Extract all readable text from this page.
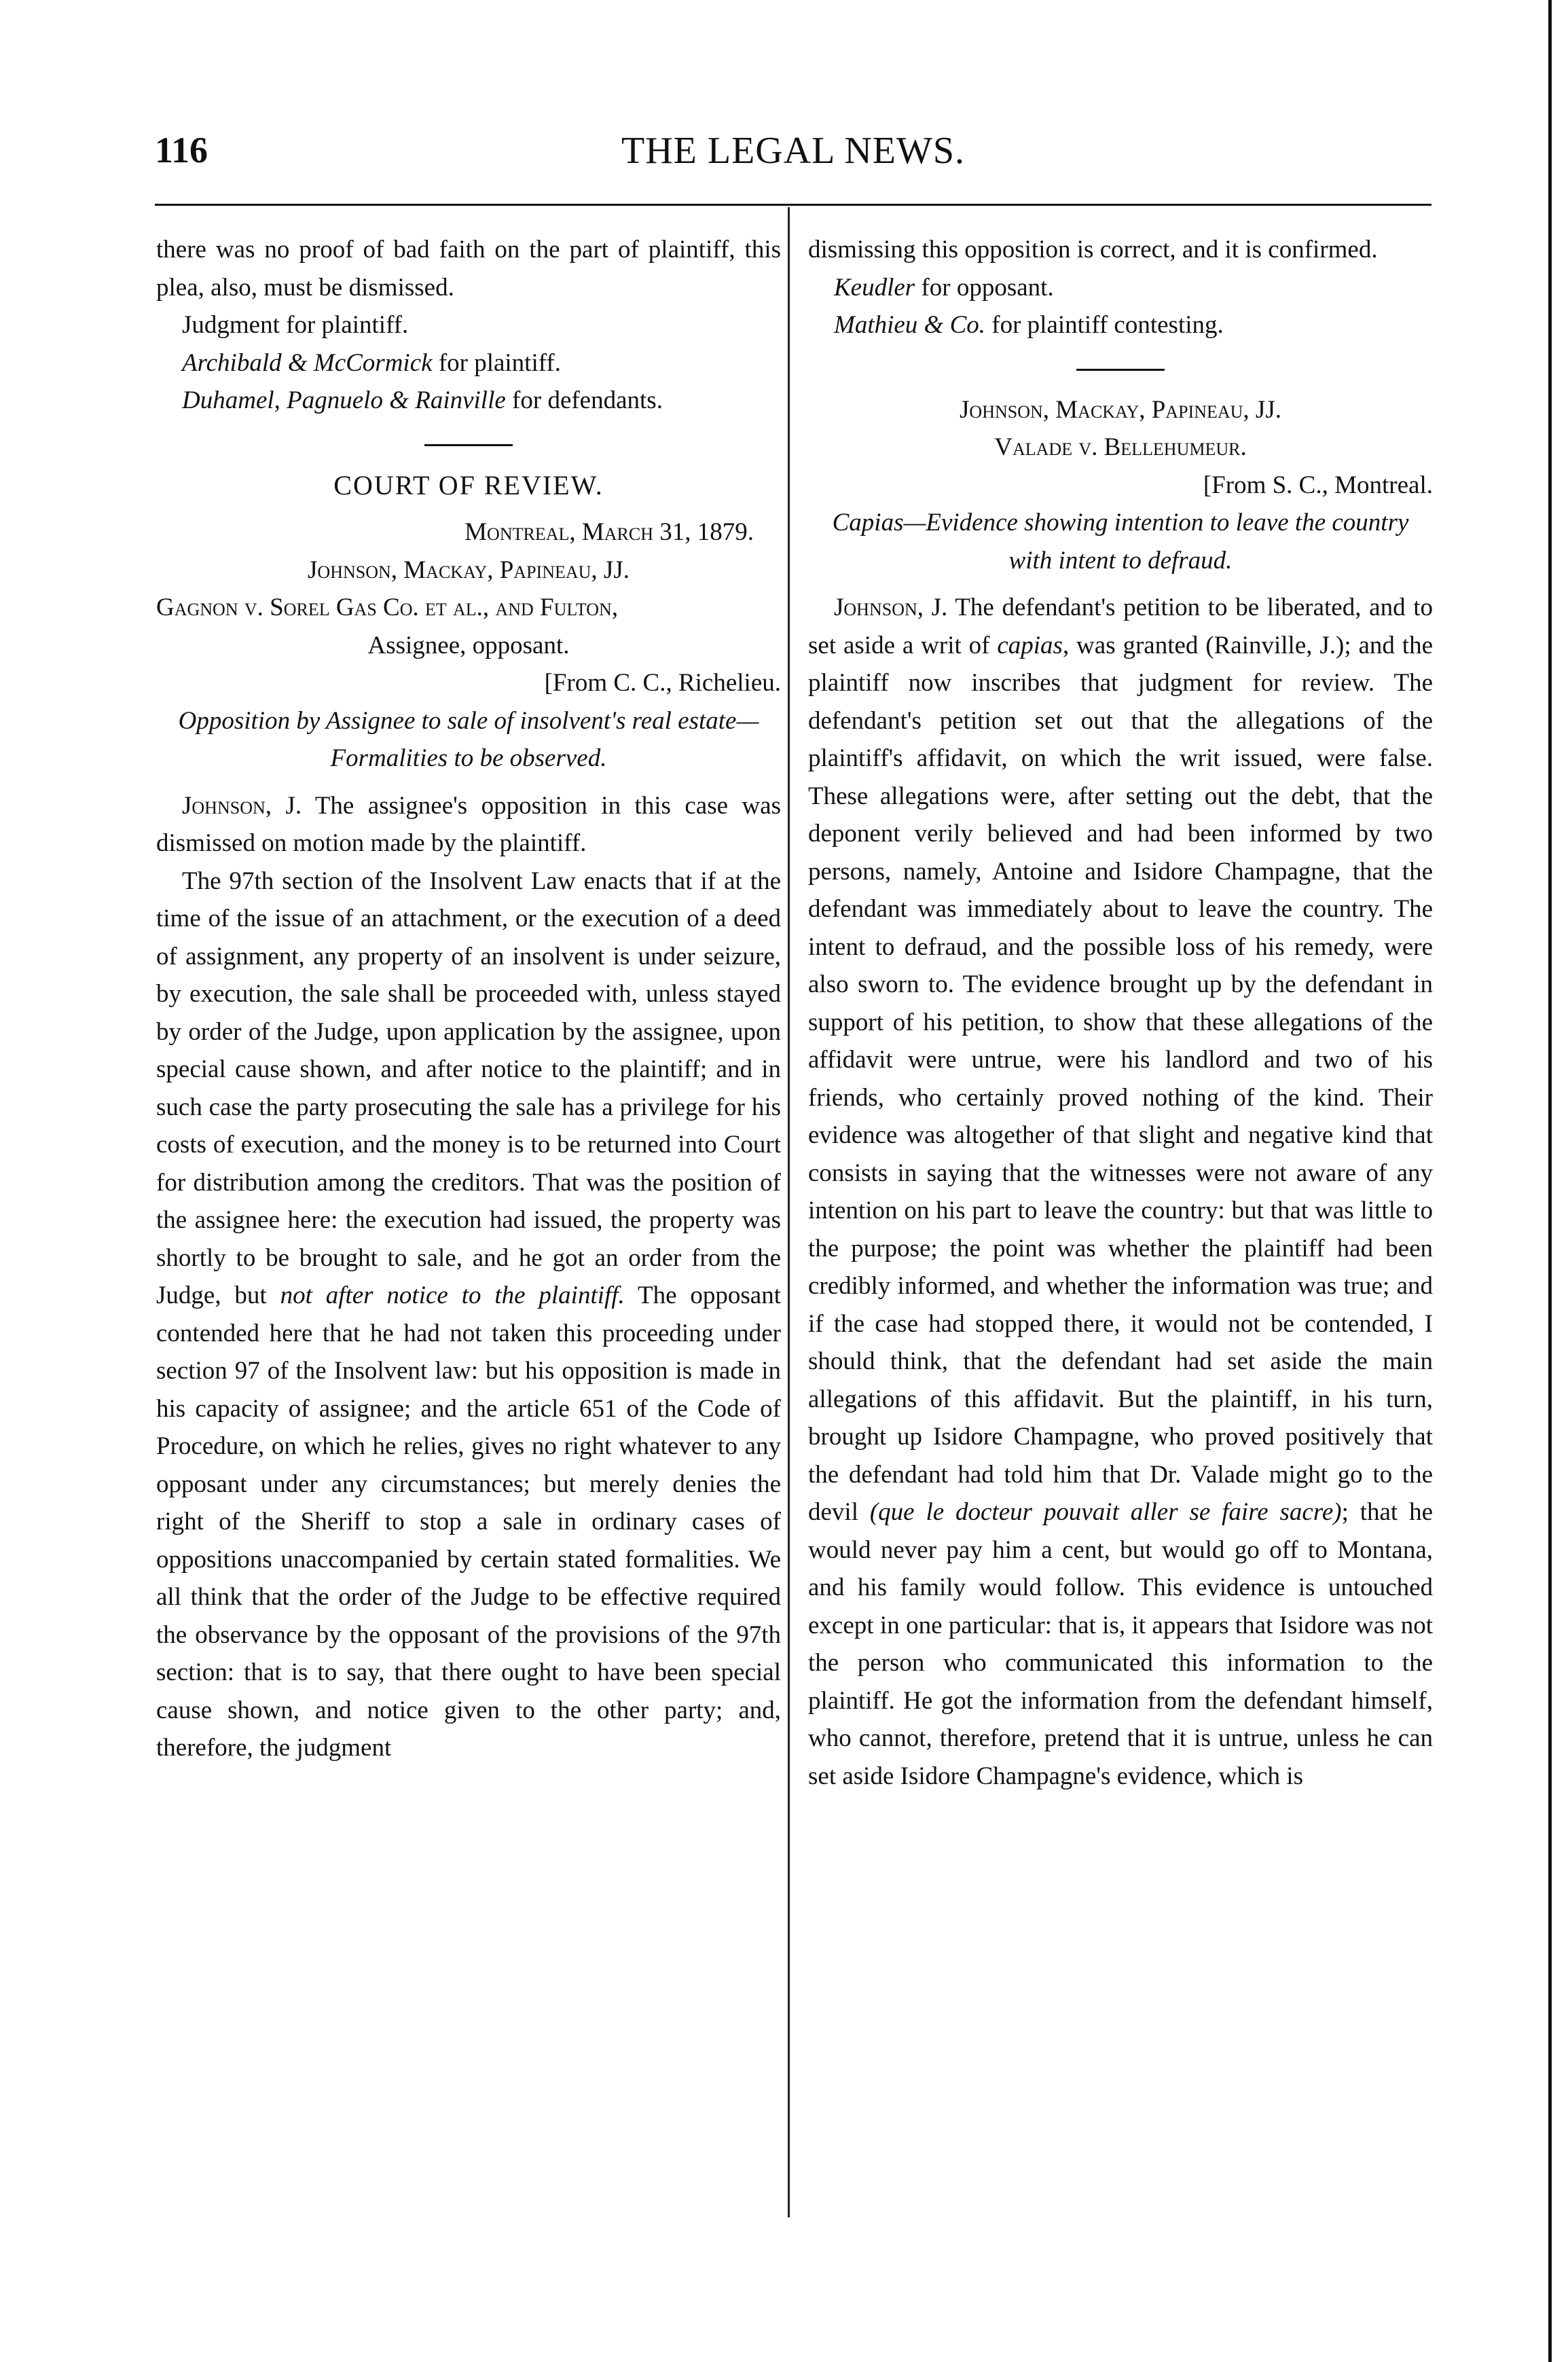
116	THE LEGAL NEWS.

there was no proof of bad faith on the part of plaintiff, this plea, also, must be dismissed.

Judgment for plaintiff.

Archibald & McCormick for plaintiff.

Duhamel, Pagnuelo & Rainville for defendants.

COURT OF REVIEW.

Montreal, March 31, 1879.

Johnson, Mackay, Papineau, JJ.

Gagnon v. Sorel Gas Co. et al., and Fulton,

Assignee, opposant.

[From C. C., Richelieu.

Opposition by Assignee to sale of insolvent's real estate—Formalities to be observed.

Johnson, J. The assignee's opposition in this case was dismissed on motion made by the plaintiff.

The 97th section of the Insolvent Law enacts that if at the time of the issue of an attachment, or the execution of a deed of assignment, any property of an insolvent is under seizure, by execution, the sale shall be proceeded with, unless stayed by order of the Judge, upon application by the assignee, upon special cause shown, and after notice to the plaintiff; and in such case the party prosecuting the sale has a privilege for his costs of execution, and the money is to be returned into Court for distribution among the creditors. That was the position of the assignee here: the execution had issued, the property was shortly to be brought to sale, and he got an order from the Judge, but not after notice to the plaintiff. The opposant contended here that he had not taken this proceeding under section 97 of the Insolvent law: but his opposition is made in his capacity of assignee; and the article 651 of the Code of Procedure, on which he relies, gives no right whatever to any opposant under any circumstances; but merely denies the right of the Sheriff to stop a sale in ordinary cases of oppositions unaccompanied by certain stated formalities. We all think that the order of the Judge to be effective required the observance by the opposant of the provisions of the 97th section: that is to say, that there ought to have been special cause shown, and notice given to the other party; and, therefore, the judgment

dismissing this opposition is correct, and it is confirmed.

Keudler for opposant.

Mathieu & Co. for plaintiff contesting.

Johnson, Mackay, Papineau, JJ.

Valade v. Bellehumeur.

[From S. C., Montreal.

Capias—Evidence showing intention to leave the country with intent to defraud.

Johnson, J. The defendant's petition to be liberated, and to set aside a writ of capias, was granted (Rainville, J.); and the plaintiff now inscribes that judgment for review. The defendant's petition set out that the allegations of the plaintiff's affidavit, on which the writ issued, were false. These allegations were, after setting out the debt, that the deponent verily believed and had been informed by two persons, namely, Antoine and Isidore Champagne, that the defendant was immediately about to leave the country. The intent to defraud, and the possible loss of his remedy, were also sworn to. The evidence brought up by the defendant in support of his petition, to show that these allegations of the affidavit were untrue, were his landlord and two of his friends, who certainly proved nothing of the kind. Their evidence was altogether of that slight and negative kind that consists in saying that the witnesses were not aware of any intention on his part to leave the country: but that was little to the purpose; the point was whether the plaintiff had been credibly informed, and whether the information was true; and if the case had stopped there, it would not be contended, I should think, that the defendant had set aside the main allegations of this affidavit. But the plaintiff, in his turn, brought up Isidore Champagne, who proved positively that the defendant had told him that Dr. Valade might go to the devil (que le docteur pouvait aller se faire sacre); that he would never pay him a cent, but would go off to Montana, and his family would follow. This evidence is untouched except in one particular: that is, it appears that Isidore was not the person who communicated this information to the plaintiff. He got the information from the defendant himself, who cannot, therefore, pretend that it is untrue, unless he can set aside Isidore Champagne's evidence, which is
